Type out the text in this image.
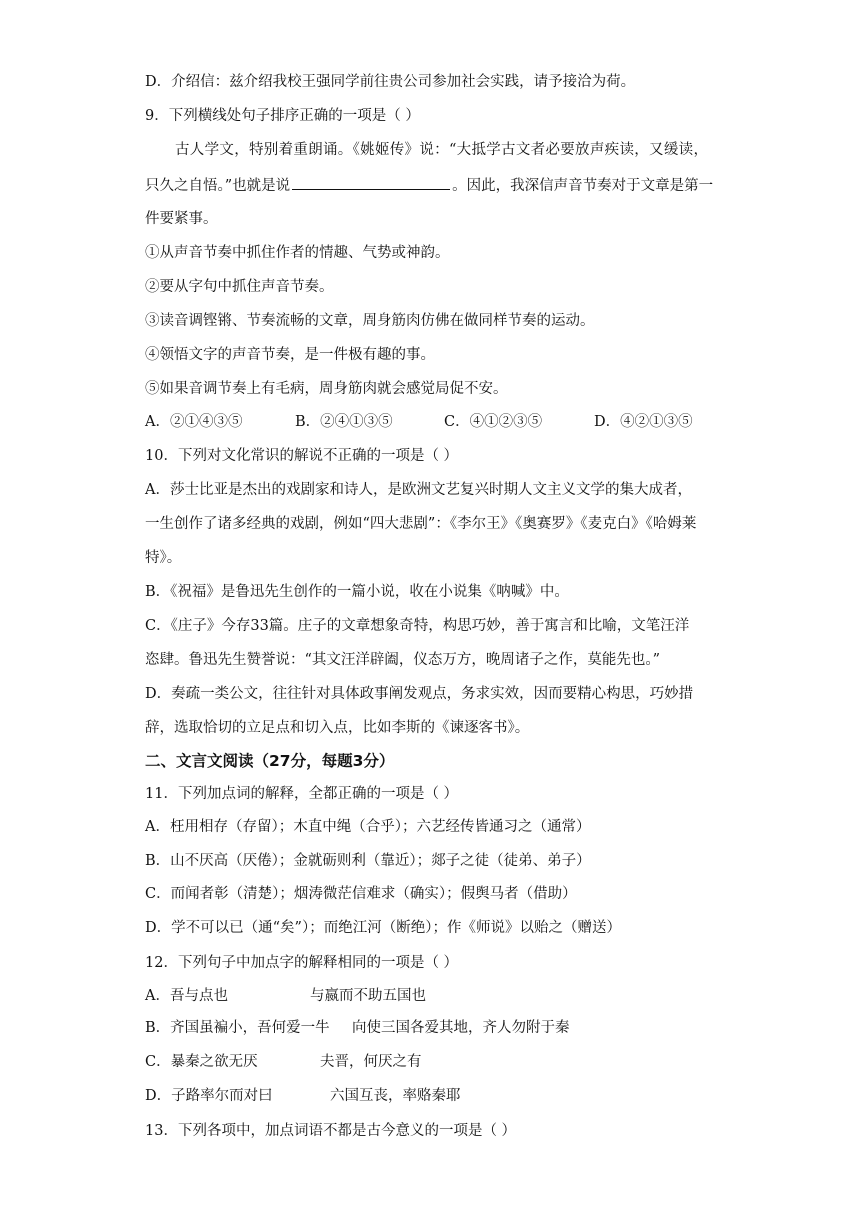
D．介绍信：兹介绍我校王强同学前往贵公司参加社会实践，请予接洽为荷。
9．下列横线处句子排序正确的一项是（ ）
古人学文，特别着重朗诵。《姚姬传》说：“大抵学古文者必要放声疾读，又缓读，
只久之自悟。”也就是说	。因此，我深信声音节奏对于文章是第一
件要紧事。
①从声音节奏中抓住作者的情趣、气势或神韵。
②要从字句中抓住声音节奏。
③读音调铿锵、节奏流畅的文章，周身筋肉仿佛在做同样节奏的运动。
④领悟文字的声音节奏，是一件极有趣的事。
⑤如果音调节奏上有毛病，周身筋肉就会感觉局促不安。
A．②①④③⑤	B．②④①③⑤	C．④①②③⑤	D．④②①③⑤
10．下列对文化常识的解说不正确的一项是（ ）
A．莎士比亚是杰出的戏剧家和诗人，是欧洲文艺复兴时期人文主义文学的集大成者，
一生创作了诸多经典的戏剧，例如“四大悲剧”：《李尔王》《奥赛罗》《麦克白》《哈姆莱
特》。
B．《祝福》是鲁迅先生创作的一篇小说，收在小说集《呐喊》中。
C．《庄子》今存33篇。庄子的文章想象奇特，构思巧妙，善于寓言和比喻，文笔汪洋
恣肆。鲁迅先生赞誉说：“其文汪洋辟阖，仪态万方，晚周诸子之作，莫能先也。”
D．奏疏一类公文，往往针对具体政事阐发观点，务求实效，因而要精心构思，巧妙措
辞，选取恰切的立足点和切入点，比如李斯的《谏逐客书》。
二、文言文阅读（27分，每题3分）
11．下列加点词的解释，全都正确的一项是（ ）
A．枉用相存（存留）；木直中绳（合乎）；六艺经传皆通习之（通常）
B．山不厌高（厌倦）；金就砺则利（靠近）；郯子之徒（徒弟、弟子）
C．而闻者彰（清楚）；烟涛微茫信难求（确实）；假舆马者（借助）
D．学不可以已（通“矣”）；而绝江河（断绝）；作《师说》以贻之（赠送）
12．下列句子中加点字的解释相同的一项是（ ）
A．吾与点也	与嬴而不助五国也
B．齐国虽褊小，吾何爱一牛 向使三国各爱其地，齐人勿附于秦
C．暴秦之欲无厌	夫晋，何厌之有
D．子路率尔而对曰	六国互丧，率赂秦耶
13．下列各项中，加点词语不都是古今意义的一项是（ ）
